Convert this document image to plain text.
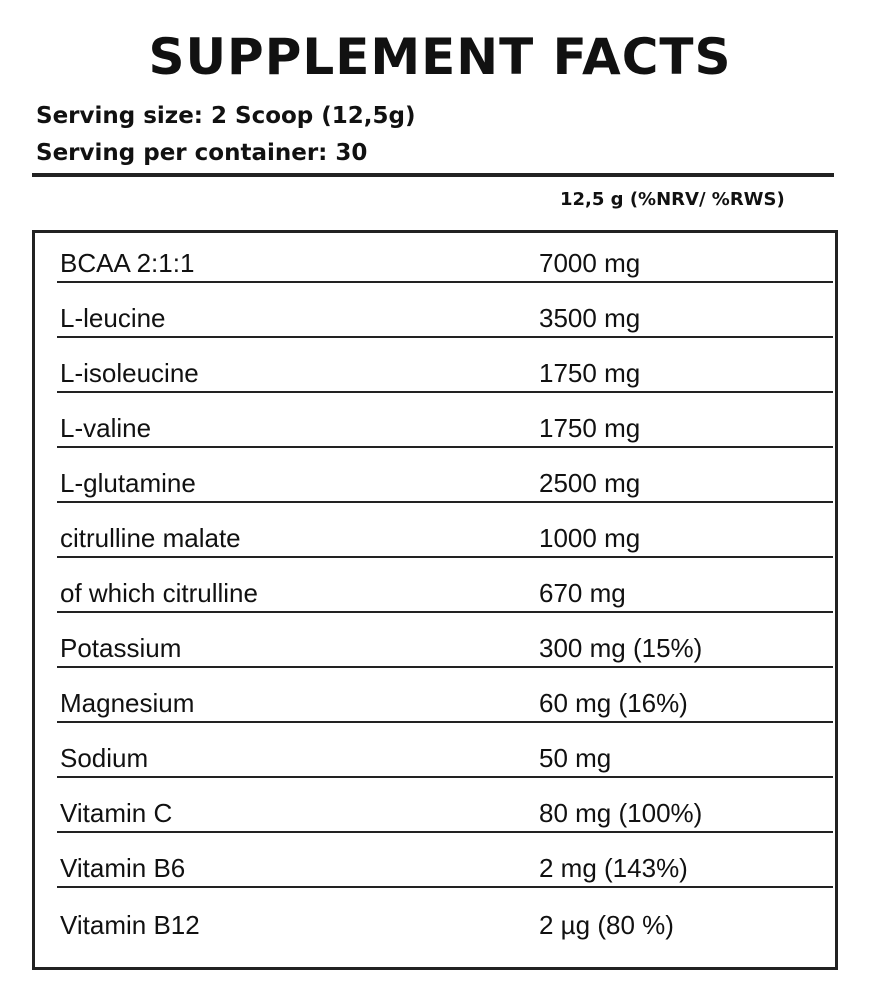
SUPPLEMENT FACTS
Serving size: 2 Scoop (12,5g)
Serving per container: 30
12,5 g (%NRV/ %RWS)
BCAA 2:1:1	7000 mg
L-leucine	3500 mg
L-isoleucine	1750 mg
L-valine	1750 mg
L-glutamine	2500 mg
citrulline malate	1000 mg
of which citrulline	670 mg
Potassium	300 mg (15%)
Magnesium	60 mg (16%)
Sodium	50 mg
Vitamin C	80 mg (100%)
Vitamin B6	2 mg (143%)
Vitamin B12	2 µg (80 %)
